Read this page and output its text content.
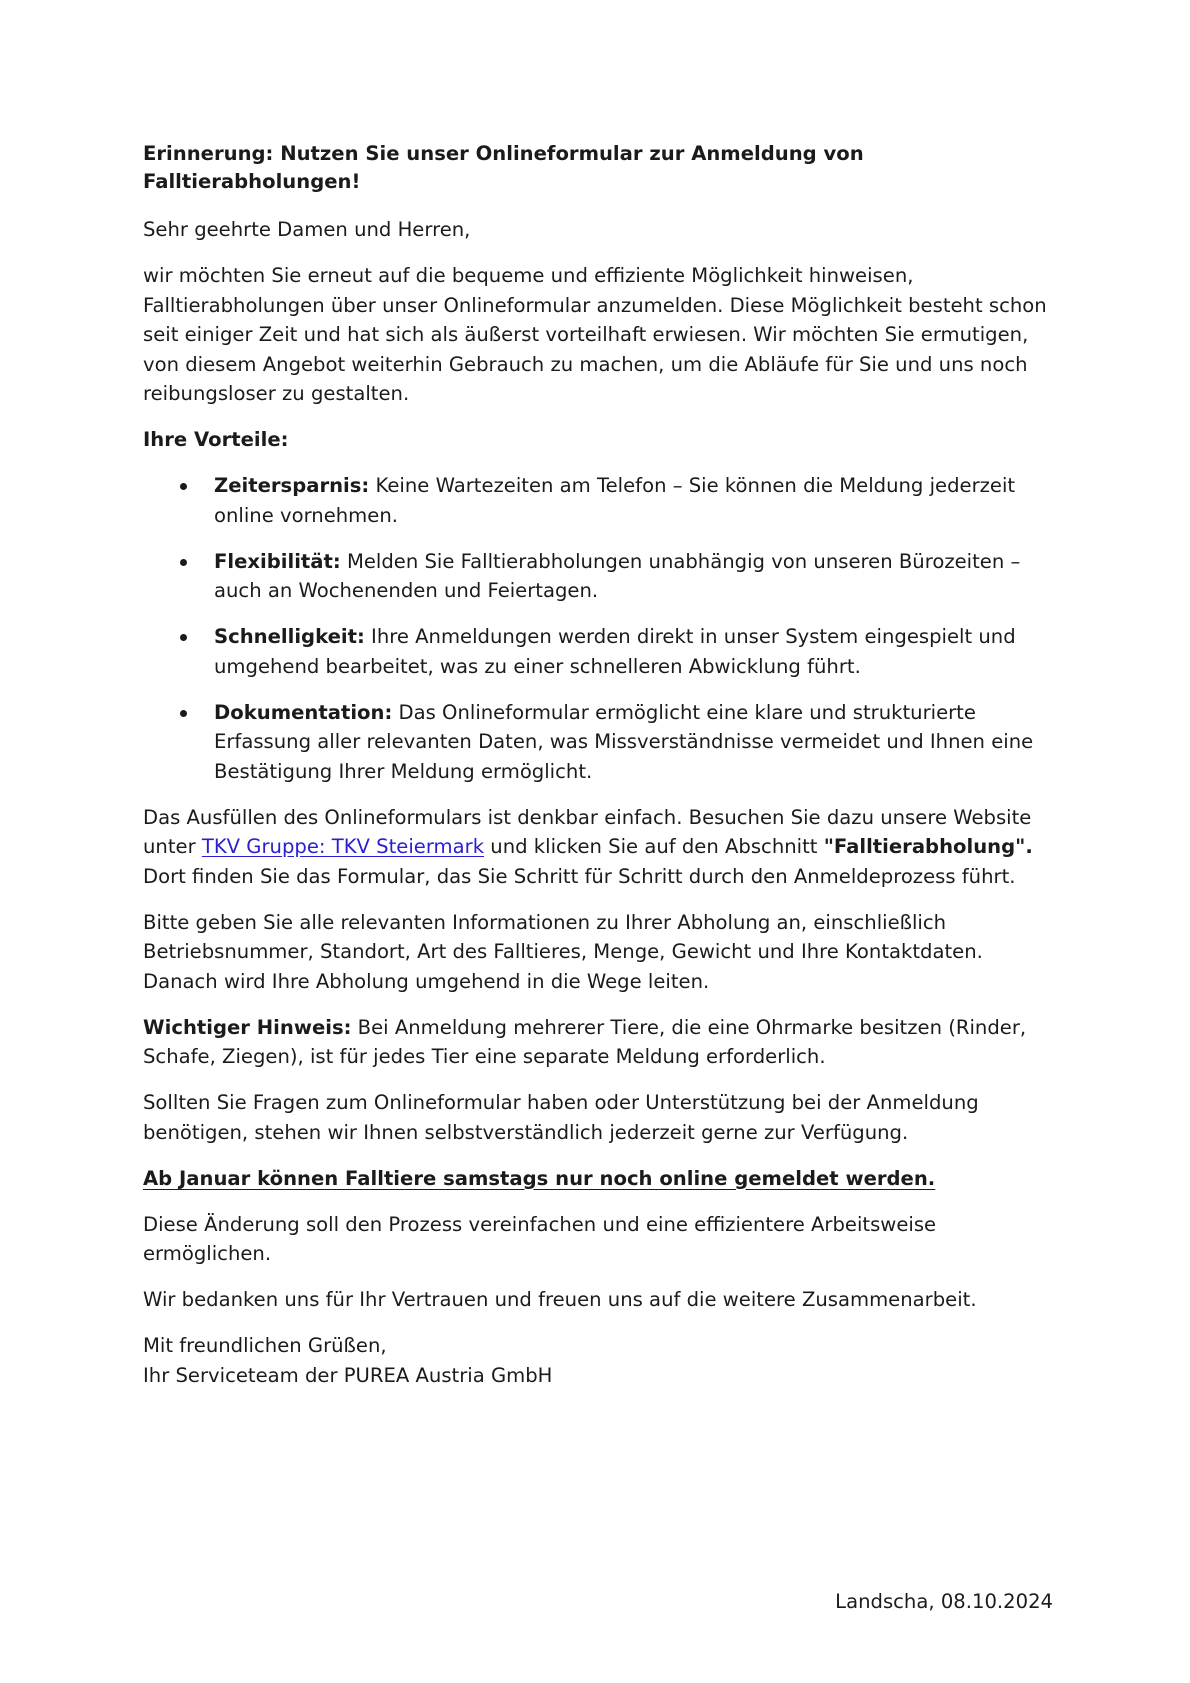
Erinnerung: Nutzen Sie unser Onlineformular zur Anmeldung von Falltierabholungen!

Sehr geehrte Damen und Herren,

wir möchten Sie erneut auf die bequeme und effiziente Möglichkeit hinweisen, Falltierabholungen über unser Onlineformular anzumelden. Diese Möglichkeit besteht schon seit einiger Zeit und hat sich als äußerst vorteilhaft erwiesen. Wir möchten Sie ermutigen, von diesem Angebot weiterhin Gebrauch zu machen, um die Abläufe für Sie und uns noch reibungsloser zu gestalten.

Ihre Vorteile:

Zeitersparnis: Keine Wartezeiten am Telefon – Sie können die Meldung jederzeit online vornehmen.
Flexibilität: Melden Sie Falltierabholungen unabhängig von unseren Bürozeiten – auch an Wochenenden und Feiertagen.
Schnelligkeit: Ihre Anmeldungen werden direkt in unser System eingespielt und umgehend bearbeitet, was zu einer schnelleren Abwicklung führt.
Dokumentation: Das Onlineformular ermöglicht eine klare und strukturierte Erfassung aller relevanten Daten, was Missverständnisse vermeidet und Ihnen eine Bestätigung Ihrer Meldung ermöglicht.

Das Ausfüllen des Onlineformulars ist denkbar einfach. Besuchen Sie dazu unsere Website unter TKV Gruppe: TKV Steiermark und klicken Sie auf den Abschnitt "Falltierabholung". Dort finden Sie das Formular, das Sie Schritt für Schritt durch den Anmeldeprozess führt.

Bitte geben Sie alle relevanten Informationen zu Ihrer Abholung an, einschließlich Betriebsnummer, Standort, Art des Falltieres, Menge, Gewicht und Ihre Kontaktdaten. Danach wird Ihre Abholung umgehend in die Wege leiten.

Wichtiger Hinweis: Bei Anmeldung mehrerer Tiere, die eine Ohrmarke besitzen (Rinder, Schafe, Ziegen), ist für jedes Tier eine separate Meldung erforderlich.

Sollten Sie Fragen zum Onlineformular haben oder Unterstützung bei der Anmeldung benötigen, stehen wir Ihnen selbstverständlich jederzeit gerne zur Verfügung.

Ab Januar können Falltiere samstags nur noch online gemeldet werden.

Diese Änderung soll den Prozess vereinfachen und eine effizientere Arbeitsweise ermöglichen.

Wir bedanken uns für Ihr Vertrauen und freuen uns auf die weitere Zusammenarbeit.

Mit freundlichen Grüßen,
Ihr Serviceteam der PUREA Austria GmbH

Landscha, 08.10.2024
